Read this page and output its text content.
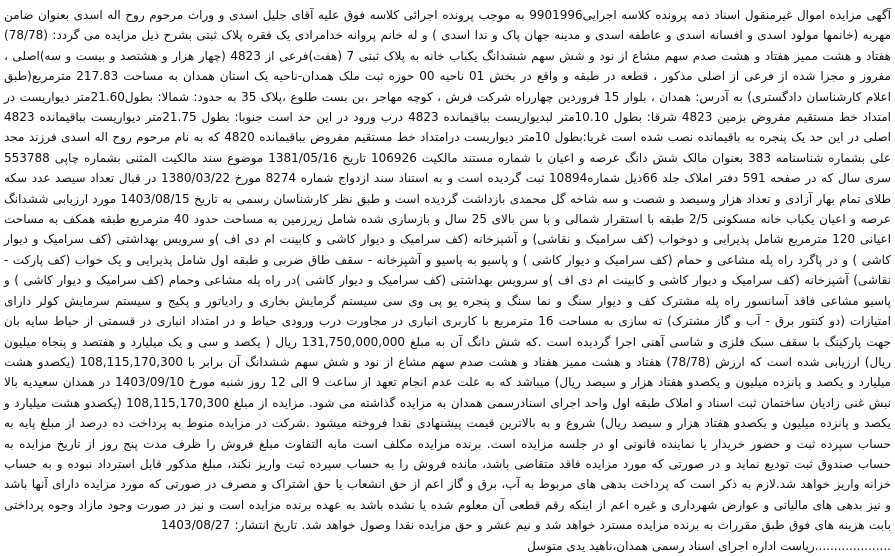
آگهی مزایده اموال غیرمنقول اسناد ذمه پرونده کلاسه اجرایی9901996 به موجب پرونده اجرائی کلاسه فوق علیه آقای جلیل اسدی و وراث مرحوم روح اله اسدی بعنوان ضامن مهریه (خانمها مولود اسدی و افسانه اسدی و عاطفه اسدی و مدینه جهان پاک و ندا اسدی ) و له خانم پروانه خدامرادی یک فقره پلاک ثبتی بشرح ذیل مزایده می گردد: (78/78) هفتاد و هشت ممیز هفتاد و هشت صدم سهم مشاع از نود و شش سهم ششدانگ یکباب خانه به پلاک ثبتی 7 (هفت)فرعی از 4823 (چهار هزار و هشتصد و بیست و سه)اصلی ، مفروز و مجزا شده از فرعی از اصلی مذکور ، قطعه در طبقه و واقع در بخش 01 ناحیه 00 حوزه ثبت ملک همدان-ناحیه یک استان همدان به مساحت 217.83 مترمربع(طبق اعلام کارشناسان دادگستری) به آدرس: همدان ، بلوار 15 فروردین چهارراه شرکت فرش ، کوچه مهاجر ،بن بست طلوع ،پلاک 35 به حدود: شمالا: بطول21.60متر دیواریست در امتداد خط مستقیم مفروض بزمین 4823 شرقا: بطول 10.10متر لبدیواریست بباقیمانده 4823 درب ورود در این حد است جنوبا: بطول 21.75متر دیواریست بباقیمانده 4823 اصلی در این حد یک پنجره به باقیمانده نصب شده است غربا:بطول 10متر دیواریست درامتداد خط مستقیم مفروض بباقیمانده 4820 که به نام مرحوم روح اله اسدی فرزند مجد علی بشماره شناسنامه 383 بعنوان مالک شش دانگ عرصه و اعیان با شماره مستند مالکیت 106926 تاریخ 1381/05/16 موضوع سند مالکیت المثنی بشماره چاپی 553788 سری سال که در صفحه 591 دفتر املاک جلد 66ذیل شماره10894 ثبت گردیده است و به استناد سند ازدواج شماره 8274 مورخ 1380/03/22 در قبال تعداد سیصد عدد سکه طلای تمام بهار آزادی و تعداد هزار وسیصد و شصت و سه شاخه گل محمدی بازداشت گردیده است و طبق نظر کارشناسان رسمی به تاریخ 1403/08/15 مورد ارزیابی ششدانگ عرصه و اعیان یکباب خانه مسکونی 2/5 طبقه با استقرار شمالی و با سن بالای 25 سال و بازسازی شده شامل زیرزمین به مساحت حدود 40 مترمربع طبقه همکف به مساحت اعیانی 120 مترمربع شامل پذیرایی و دوخواب (کف سرامیک و نقاشی) و آشپزخانه (کف سرامیک و دیوار کاشی و کابینت ام دی اف )و سرویس بهداشتی (کف سرامیک و دیوار کاشی ) و در پاگرد راه پله مشاعی و حمام (کف سرامیک و دیوار کاشی ) و پاسیو به پاسیو و آشپزخانه - سقف طاق ضربی و طبقه اول شامل پذیرایی و یک خواب (کف پارکت - نقاشی) آشپزخانه (کف سرامیک و دیوار کاشی و کابینت ام دی اف )و سرویس بهداشتی (کف سرامیک و دیوار کاشی )در راه پله مشاعی وحمام (کف سرامیک و دیوار کاشی ) و پاسیو مشاعی فاقد آسانسور راه پله مشترک کف و دیوار سنگ و نما سنگ و پنجره یو پی وی سی سیستم گرمایش بخاری و رادیاتور و پکیج و سیستم سرمایش کولر دارای امتیازات (دو کنتور برق - آب و گاز مشترک) ته سازی به مساحت 16 مترمربع با کاربری انباری در مجاورت درب ورودی حیاط و در امتداد انباری در قسمتی از حیاط سایه بان جهت پارکینگ با سقف سبک فلزی و شاسی آهنی اجرا گردیده است .که شش دانگ آن به مبلغ 131,750,000,000 ریال ( یکصد و سی و یک میلیارد و هفتصد و پنجاه میلیون ریال) ارزیابی شده است که ارزش (78/78) هفتاد و هشت ممیز هفتاد و هشت صدم سهم مشاع از نود و شش سهم ششدانگ آن برابر با 108,115,170,300 (یکصدو هشت میلیارد و یکصد و پانزده میلیون و یکصدو هفتاد هزار و سیصد ریال) میباشد که به علت عدم انجام تعهد از ساعت 9 الی 12 روز شنبه مورخ 1403/09/10 در همدان سعیدیه بالا نبش غنی زادیان ساختمان ثبت اسناد و املاک طبقه اول واحد اجرای اسنادرسمی همدان به مزایده گذاشته می شود. مزایده از مبلغ 108,115,170,300 (یکصدو هشت میلیارد و یکصد و پانزده میلیون و یکصدو هفتاد هزار و سیصد ریال) شروع و به بالاترین قیمت پیشنهادی نقدا فروخته میشود .شرکت در مزایده منوط به پرداخت ده درصد از مبلغ پایه به حساب سپرده ثبت و حضور خریدار یا نماینده قانونی او در جلسه مزایده است. برنده مزایده مکلف است مابه التفاوت مبلغ فروش را ظرف مدت پنج روز از تاریخ مزایده به حساب صندوق ثبت تودیع نماید و در صورتی که مورد مزایده فاقد متقاضی باشد، مانده فروش را به حساب سپرده ثبت واریز نکند، مبلغ مذکور قابل استرداد نبوده و به حساب خزانه واریز خواهد شد.لازم به ذکر است که پرداخت بدهی های مربوط به آب، برق و گاز اعم از حق انشعاب یا حق اشتراک و مصرف در صورتی که مورد مزایده دارای آنها باشد و نیز بدهی های مالیاتی و عوارض شهرداری و غیره اعم از اینکه رقم قطعی آن معلوم شده یا نشده باشد به عهده برنده مزایده است و نیز در صورت وجود مازاد وجوه پرداختی بابت هزینه های فوق طبق مقررات به برنده مزایده مسترد خواهد شد و نیم عشر و حق مزایده نقدا وصول خواهد شد. تاریخ انتشار: 1403/08/27

....................ریاست اداره اجرای اسناد رسمی همدان،ناهید یدی متوسل
